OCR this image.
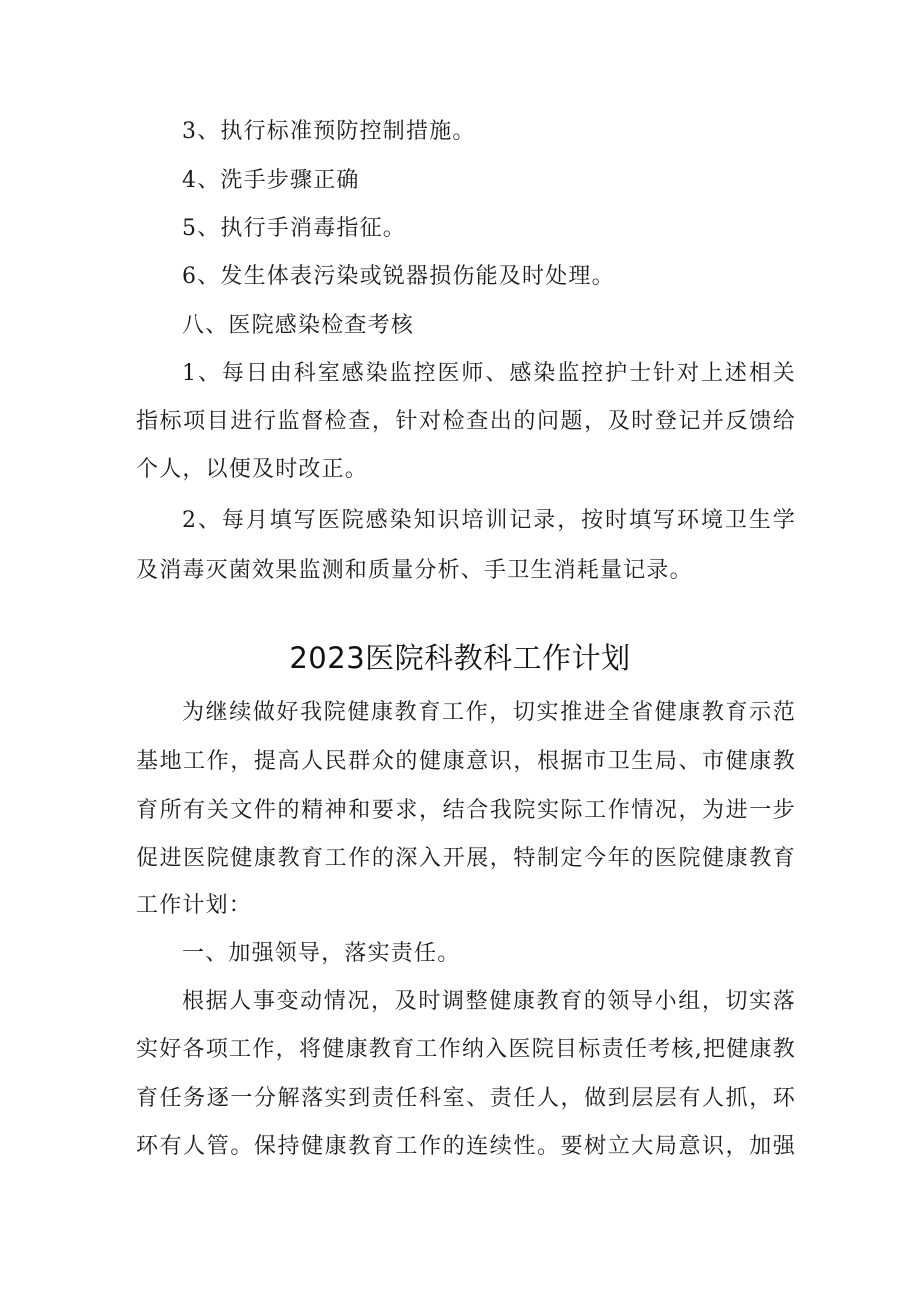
3、执行标准预防控制措施。
4、洗手步骤正确
5、执行手消毒指征。
6、发生体表污染或锐器损伤能及时处理。
八、医院感染检查考核
1、每日由科室感染监控医师、感染监控护士针对上述相关
指标项目进行监督检查，针对检查出的问题，及时登记并反馈给
个人，以便及时改正。
2、每月填写医院感染知识培训记录，按时填写环境卫生学
及消毒灭菌效果监测和质量分析、手卫生消耗量记录。
2023医院科教科工作计划
为继续做好我院健康教育工作，切实推进全省健康教育示范
基地工作，提高人民群众的健康意识，根据市卫生局、市健康教
育所有关文件的精神和要求，结合我院实际工作情况，为进一步
促进医院健康教育工作的深入开展，特制定今年的医院健康教育
工作计划：
一、加强领导，落实责任。
根据人事变动情况，及时调整健康教育的领导小组，切实落
实好各项工作，将健康教育工作纳入医院目标责任考核,把健康教
育任务逐一分解落实到责任科室、责任人，做到层层有人抓，环
环有人管。保持健康教育工作的连续性。要树立大局意识，加强
